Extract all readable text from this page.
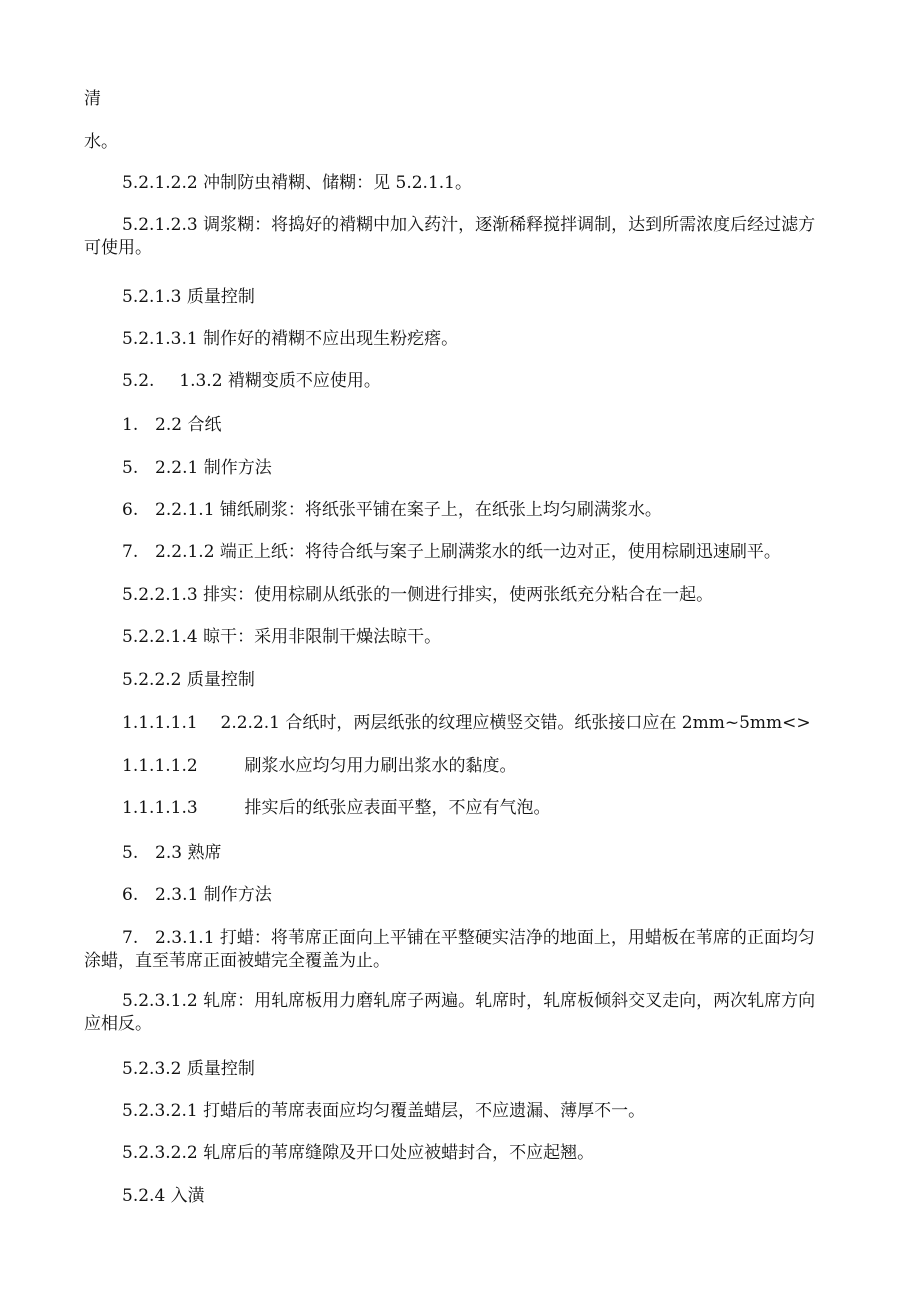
清
水。
5.2.1.2.2 冲制防虫褙糊、储糊：见 5.2.1.1。
5.2.1.2.3 调浆糊：将捣好的褙糊中加入药汁，逐渐稀释搅拌调制，达到所需浓度后经过滤方可使用。
5.2.1.3 质量控制
5.2.1.3.1 制作好的褙糊不应出现生粉疙瘩。
5.2. 1.3.2 褙糊变质不应使用。
1. 2.2 合纸
5. 2.2.1 制作方法
6. 2.2.1.1 铺纸刷浆：将纸张平铺在案子上，在纸张上均匀刷满浆水。
7. 2.2.1.2 端正上纸：将待合纸与案子上刷满浆水的纸一边对正，使用棕刷迅速刷平。
5.2.2.1.3 排实：使用棕刷从纸张的一侧进行排实，使两张纸充分粘合在一起。
5.2.2.1.4 晾干：采用非限制干燥法晾干。
5.2.2.2 质量控制
1.1.1.1.1 2.2.2.1 合纸时，两层纸张的纹理应横竖交错。纸张接口应在 2mm~5mm<>
1.1.1.1.2	刷浆水应均匀用力刷出浆水的黏度。
1.1.1.1.3	排实后的纸张应表面平整，不应有气泡。
5. 2.3 熟席
6. 2.3.1 制作方法
7. 2.3.1.1 打蜡：将苇席正面向上平铺在平整硬实洁净的地面上，用蜡板在苇席的正面均匀涂蜡，直至苇席正面被蜡完全覆盖为止。
5.2.3.1.2 轧席：用轧席板用力磨轧席子两遍。轧席时，轧席板倾斜交叉走向，两次轧席方向应相反。
5.2.3.2 质量控制
5.2.3.2.1 打蜡后的苇席表面应均匀覆盖蜡层，不应遗漏、薄厚不一。
5.2.3.2.2 轧席后的苇席缝隙及开口处应被蜡封合，不应起翘。
5.2.4 入潢
